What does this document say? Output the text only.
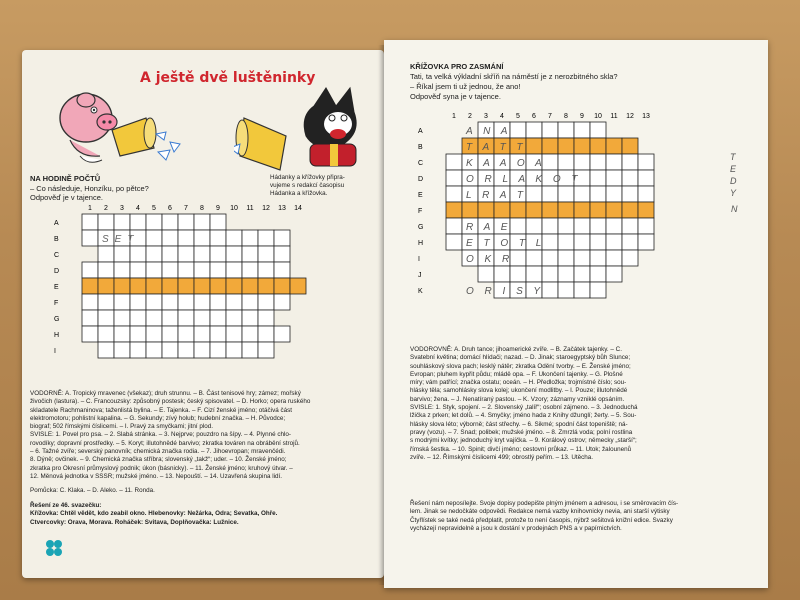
A ještě dvě luštěninky
NA HODINĚ POČTŮ
– Co následuje, Honzíku, po pětce?
Odpověď je v tajence.
Hádanky a křížovky připra-
vujeme s redakcí časopisu
Hádanka a křížovka.
1 2 3 4 5 6 7 8 9 10 11 12 13 14
A
B
C
D
E
F
G
H
I
SET
VODORNĚ: A. Tropický mravenec (všekaz); druh strunnu. – B. Část tenisové hry; zámez; mořský
živočich (lastura). – C. Francouzsky: způsobný postesk; český spisovatel. – D. Horko; opera ruského
skladatele Rachmaninova; taženlistá bylina. – E. Tajenka. – F. Cizí ženské jméno; otáčivá část
elektromotoru; pohlistní kapalina. – G. Sekundy; zívý holub; hudební značka. – H. Původce;
biograf; 502 římskými číslicemi. – I. Pravý za smyčkami; jitní plod.
SVISLE: 1. Povel pro psa. – 2. Slabá stránka. – 3. Nejprve; pouzdro na šípy. – 4. Plynné chlo-
rovodíky; dopravní prostředky. – 5. Koryt; illutohnědé barvivo; zkratka továren na obrábění strojů.
– 6. Tažné zvíře; severský panovník; chemická značka rodia. – 7. Jihoevropan; mravenčédi.
8. Dýně; ovčinek. – 9. Chemická značka stříbra; slovenský „takž“; uder. – 10. Ženské jméno;
zkratka pro Okresní průmyslový podnik; úkon (básnicky). – 11. Ženské jméno; kruhový útvar. –
12. Měnová jednotka v SSSR; mužské jméno. – 13. Nepouští. – 14. Uzavřená skupina lidí.
Pomůcka: C. Klaka. – D. Aleko. – 11. Ronda.
Řešení ze 46. svazečku:
Křížovka: Chtěl vědět, kdo zeabil okno. Hlebenovky: Nežárka, Odra; Sevatka, Ohře.
Ctvercovky: Orava, Morava. Roháček: Svitava, Doplňovačka: Lužnice.
KŘÍŽOVKA PRO ZASMÁNÍ
Tati, ta velká výkladní skříň na náměstí je z nerozbitného skla?
– Říkal jsem ti už jednou, že ano!
Odpověď syna je v tajence.
1 2 3 4 5 6 7 8 9 10 11 12 13
A
B
C
D
E
F
G
H
I
J
K
A N A
T A T T
K A A O A
O R L A K O T
L R A T
R A E
E T O T L
O K R
O R I S Y
T
E
D
Y
N
VODOROVNĚ: A. Druh tance; jihoamerické zvíře. – B. Začátek tajenky. – C.
Svatební květina; domácí hlídači; nazad. – D. Jinak; staroegyptský bůh Slunce;
souhláskový slova pach; lesklý nátěr; zkratka Odění tvorby. – E. Ženské jméno;
Evropan; pluhem kypřit půdu; mládě opa. – F. Ukončení tajenky. – G. Plošné
míry; vám patřící; značka ostatu; oceán. – H. Předložka; trojmístné číslo; sou-
hlásky těla; samohlásky slova kolej; ukončení modlitby. – I. Pouze; illutohnědé
barvivo; žena. – J. Nenatíraný pastou. – K. Vzory; záznamy vzniklé opsáním.
SVISLE: 1. Styk, spojení. – 2. Slovenský „talíř“; osobní zájmeno. – 3. Jednoduchá
lžička z prken; let dolů. – 4. Smyčky; jméno hada z Knihy džunglí; žerty. – 5. Sou-
hlásky slova léto; výborně; část střechy. – 6. Sikmé; spodní část topeniště; ná-
pravy (vozu). – 7. Snad; polibek; mužské jméno. – 8. Zmrzlá voda; polní rostlina
s modrými kvítky; jednoduchý kryt vajíčka. – 9. Korálový ostrov; německy „starší“;
římská šestka. – 10. Spinit; divčí jméno; cestovní průkaz. – 11. Utok; žalounenů
zvíře. – 12. Římskými číslicemi 499; obrostlý peřím. – 13. Utěcha.
Řešení nám neposílejte. Svoje dopisy podepište plným jménem a adresou, i se směrovacím čís-
lem. Jinak se nedočkáte odpovědi. Redakce nemá vazby knihovnicky nevia, ani starší výtisky
Čtyřlístek se také nedá předplatit, protože to není časopis, nýbrž sešitová knižní edice. Svazky
vycházejí nepravidelně a jsou k dostání v prodejnách PNS a v papírnictvích.
